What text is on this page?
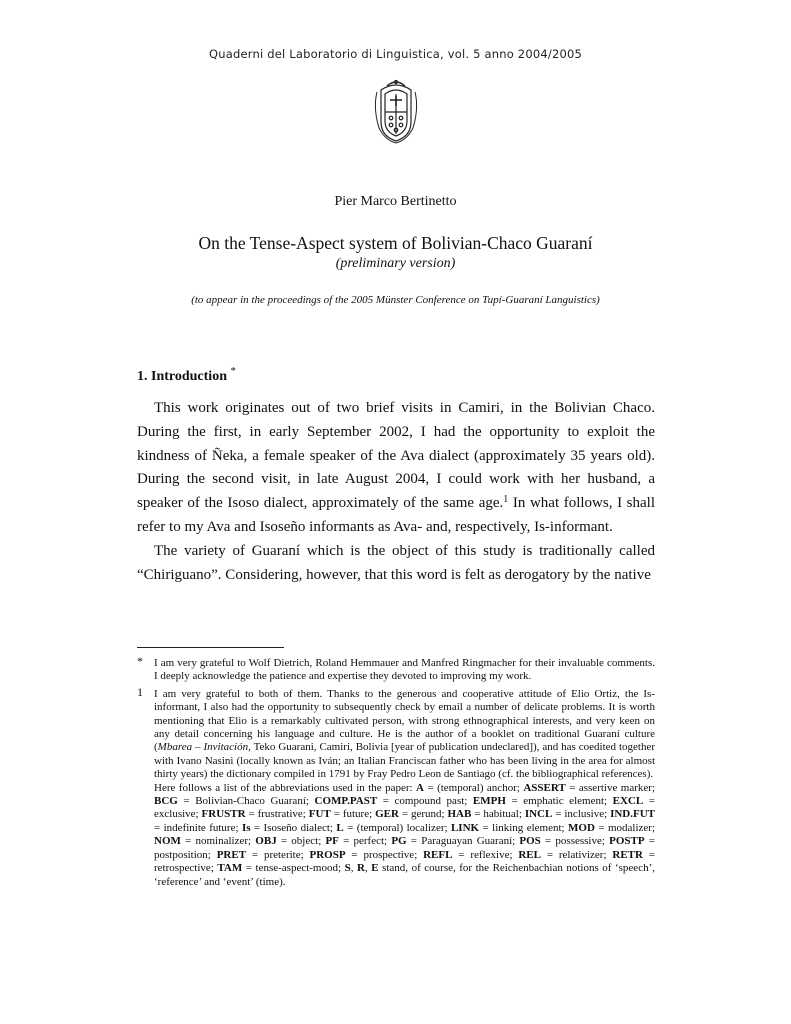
Quaderni del Laboratorio di Linguistica, vol. 5 anno 2004/2005
Pier Marco Bertinetto
On the Tense-Aspect system of Bolivian-Chaco Guaraní
(preliminary version)
(to appear in the proceedings of the 2005 Münster Conference on Tupí-Guaraní Languistics)
1. Introduction *

This work originates out of two brief visits in Camiri, in the Bolivian Chaco. During the first, in early September 2002, I had the opportunity to exploit the kindness of Ñeka, a female speaker of the Ava dialect (approximately 35 years old). During the second visit, in late August 2004, I could work with her husband, a speaker of the Isoso dialect, approximately of the same age.$^1$ In what follows, I shall refer to my Ava and Isoseño informants as Ava- and, respectively, Is-informant.

The variety of Guaraní which is the object of this study is traditionally called “Chiriguano”. Considering, however, that this word is felt as derogatory by the native

* I am very grateful to Wolf Dietrich, Roland Hemmauer and Manfred Ringmacher for their invaluable comments. I deeply acknowledge the patience and expertise they devoted to improving my work.

1 I am very grateful to both of them. Thanks to the generous and cooperative attitude of Elio Ortiz, the Is-informant, I also had the opportunity to subsequently check by email a number of delicate problems. It is worth mentioning that Elio is a remarkably cultivated person, with strong ethnographical interests, and very keen on any detail concerning his language and culture. He is the author of a booklet on traditional Guaraní culture (Mbarea – Invitación, Teko Guarani, Camiri, Bolivia [year of publication undeclared]), and has coedited together with Ivano Nasini (locally known as Iván; an Italian Franciscan father who has been living in the area for almost thirty years) the dictionary compiled in 1791 by Fray Pedro Leon de Santiago (cf. the bibliographical references).

Here follows a list of the abbreviations used in the paper: A = (temporal) anchor; ASSERT = assertive marker; BCG = Bolivian-Chaco Guaraní; COMP.PAST = compound past; EMPH = emphatic element; EXCL = exclusive; FRUSTR = frustrative; FUT = future; GER = gerund; HAB = habitual; INCL = inclusive; IND.FUT = indefinite future; Is = Isoseño dialect; L = (temporal) localizer; LINK = linking element; MOD = modalizer; NOM = nominalizer; OBJ = object; PF = perfect; PG = Paraguayan Guaraní; POS = possessive; POSTP = postposition; PRET = preterite; PROSP = prospective; REFL = reflexive; REL = relativizer; RETR = retrospective; TAM = tense-aspect-mood; S, R, E stand, of course, for the Reichenbachian notions of ‘speech’, ‘reference’ and ‘event’ (time).
